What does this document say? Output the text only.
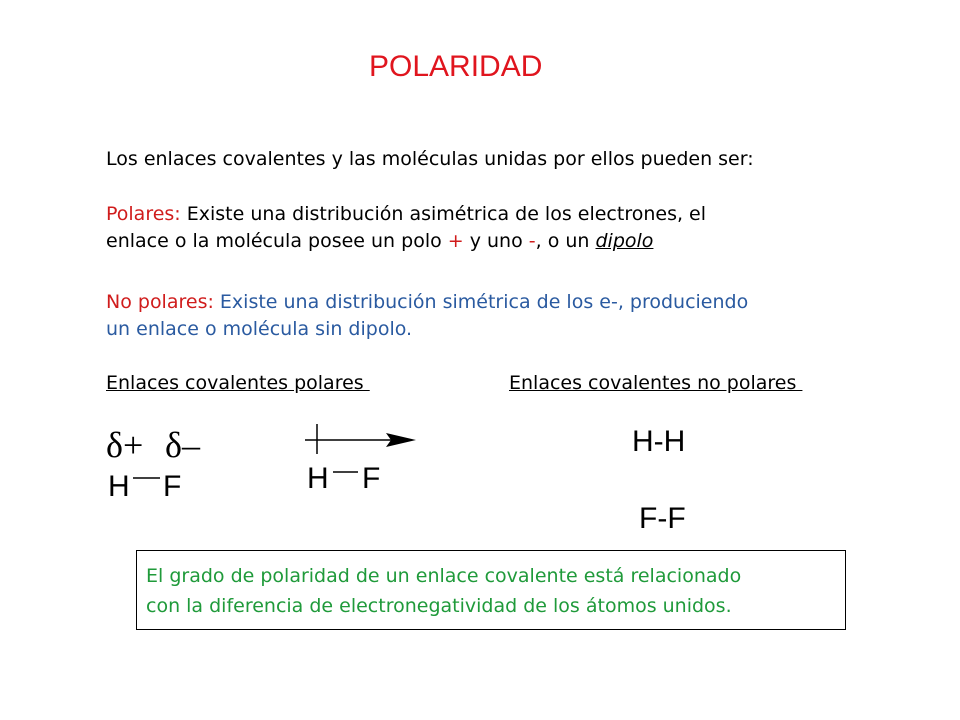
POLARIDAD
Los enlaces covalentes y las moléculas unidas por ellos pueden ser:
Polares: Existe una distribución asimétrica de los electrones, el
enlace o la molécula posee un polo + y uno -, o un dipolo
No polares: Existe una distribución simétrica de los e-, produciendo
un enlace o molécula sin dipolo.
Enlaces covalentes polares	Enlaces covalentes no polares
δ+ δ–
H F	H F
H-H
F-F
El grado de polaridad de un enlace covalente está relacionado
con la diferencia de electronegatividad de los átomos unidos.
